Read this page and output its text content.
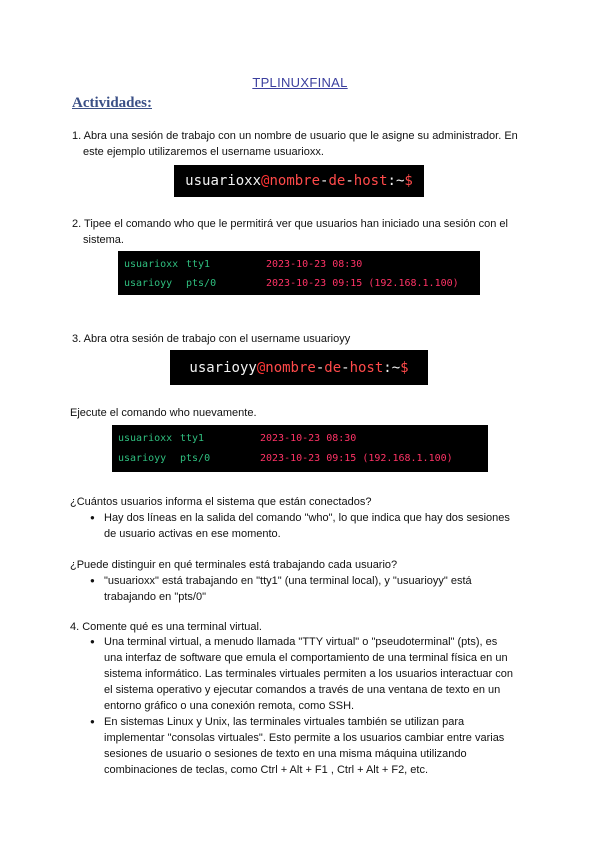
TPLINUXFINAL
Actividades:
1. Abra una sesión de trabajo con un nombre de usuario que le asigne su administrador. En
este ejemplo utilizaremos el username usuarioxx.
usuarioxx @ nombre - de - host : ~ $
2. Tipee el comando who que le permitirá ver que usuarios han iniciado una sesión con el
sistema.
usuarioxx tty1	2023-10-23 08:30
usarioyy pts/0	2023-10-23 09:15 (192.168.1.100)
3. Abra otra sesión de trabajo con el username usuarioyy
usarioyy @ nombre - de - host : ~ $
Ejecute el comando who nuevamente.
usuarioxx tty1	2023-10-23 08:30
usarioyy pts/0	2023-10-23 09:15 (192.168.1.100)
¿Cuántos usuarios informa el sistema que están conectados?
● Hay dos líneas en la salida del comando "who", lo que indica que hay dos sesiones
de usuario activas en ese momento.
¿Puede distinguir en qué terminales está trabajando cada usuario?
● "usuarioxx" está trabajando en "tty1" (una terminal local), y "usuarioyy" está
trabajando en "pts/0"
4. Comente qué es una terminal virtual.
● Una terminal virtual, a menudo llamada "TTY virtual" o "pseudoterminal" (pts), es
una interfaz de software que emula el comportamiento de una terminal física en un
sistema informático. Las terminales virtuales permiten a los usuarios interactuar con
el sistema operativo y ejecutar comandos a través de una ventana de texto en un
entorno gráfico o una conexión remota, como SSH.
● En sistemas Linux y Unix, las terminales virtuales también se utilizan para
implementar "consolas virtuales". Esto permite a los usuarios cambiar entre varias
sesiones de usuario o sesiones de texto en una misma máquina utilizando
combinaciones de teclas, como Ctrl + Alt + F1 , Ctrl + Alt + F2, etc.
